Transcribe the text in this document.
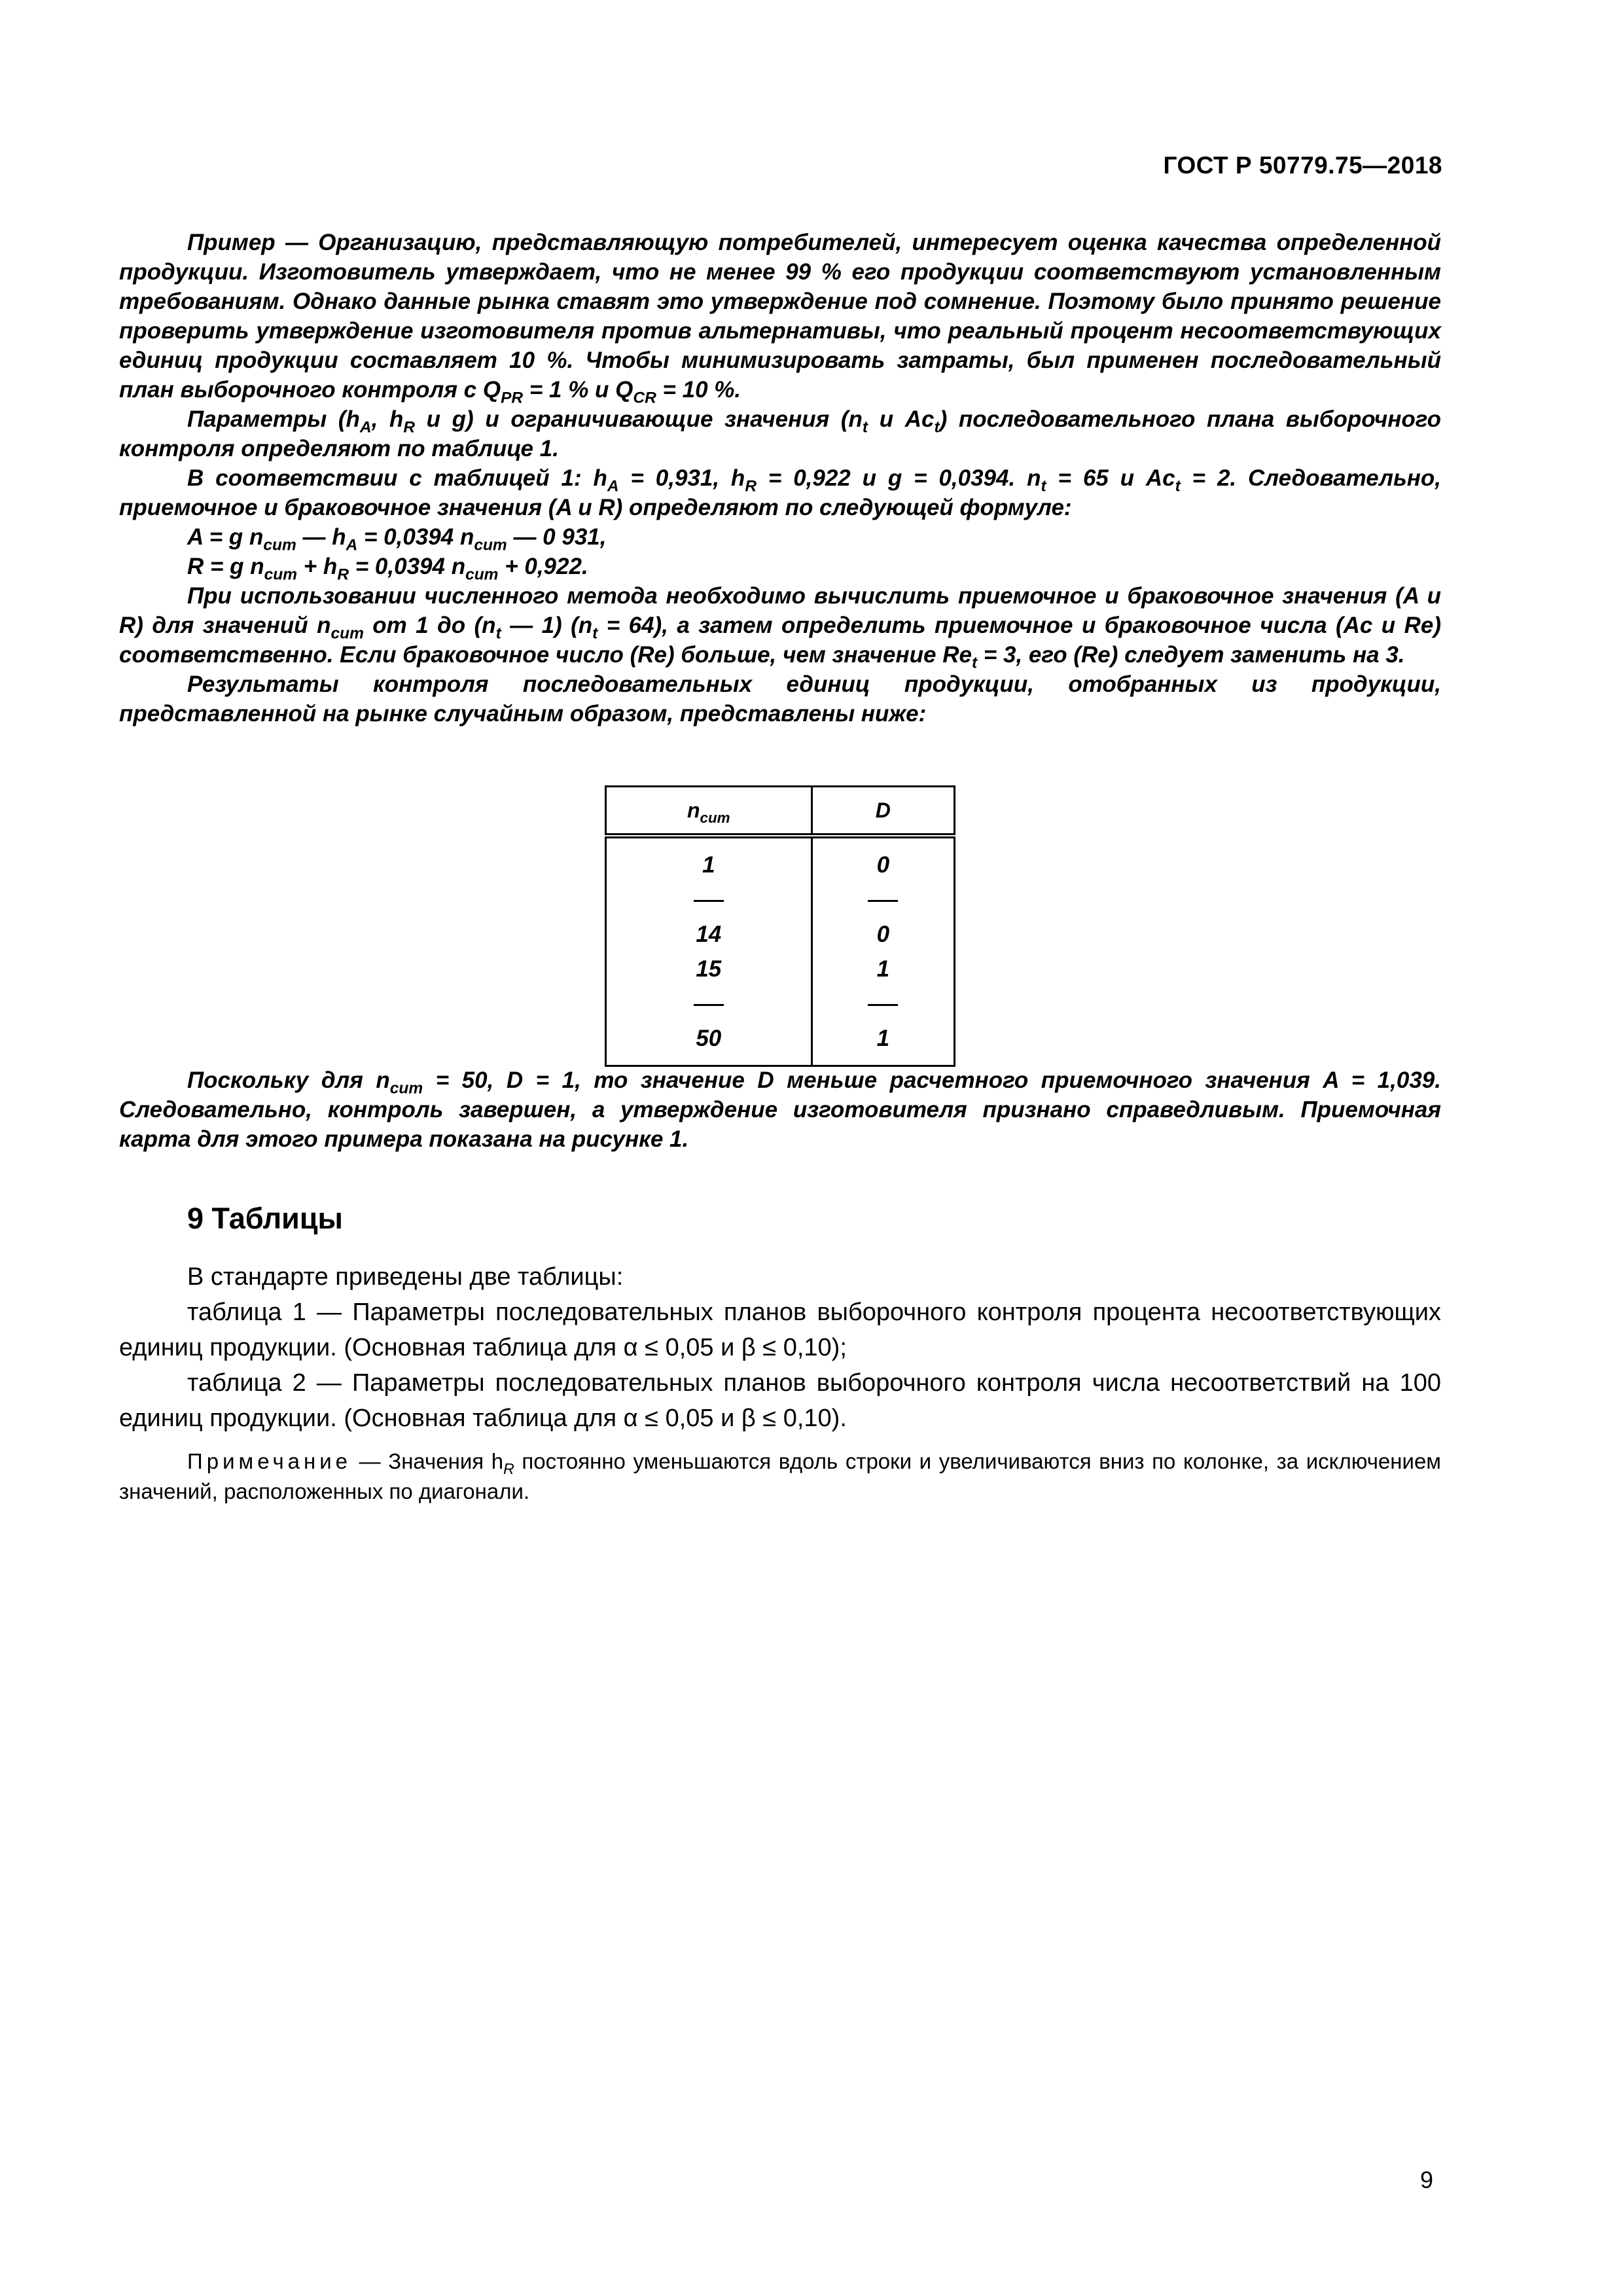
ГОСТ Р 50779.75—2018

Пример — Организацию, представляющую потребителей, интересует оценка качества определенной продукции. Изготовитель утверждает, что не менее 99 % его продукции соответствуют установленным требованиям. Однако данные рынка ставят это утверждение под сомнение. Поэтому было принято решение проверить утверждение изготовителя против альтернативы, что реальный процент несоответствующих единиц продукции составляет 10 %. Чтобы минимизировать затраты, был применен последовательный план выборочного контроля с $Q_{PR} = 1$ % и $Q_{CR} = 10$ %.

Параметры ($h_A$, $h_R$ и g) и ограничивающие значения ($n_t$ и $Ac_t$) последовательного плана выборочного контроля определяют по таблице 1.

В соответствии с таблицей 1: $h_A = 0,931$, $h_R = 0,922$ и g = 0,0394. $n_t = 65$ и $Ac_t = 2$. Следовательно, приемочное и браковочное значения (A и R) определяют по следующей формуле:

A = g $n_{cum}$ — $h_A = 0,0394$ $n_{cum}$ — 0 931,

R = g $n_{cum} + h_R = 0,0394$ $n_{cum} + 0,922$.

При использовании численного метода необходимо вычислить приемочное и браковочное значения (A и R) для значений $n_{cum}$ от 1 до ($n_t$ — 1) $(n_t = 64)$, а затем определить приемочное и браковочное числа (Ac и Re) соответственно. Если браковочное число (Re) больше, чем значение $Re_t = 3$, его (Re) следует заменить на 3.

Результаты контроля последовательных единиц продукции, отобранных из продукции, представленной на рынке случайным образом, представлены ниже:

$n_{cum}$	D
1	0

14	0
15	1

50	1

Поскольку для $n_{cum} = 50$, D = 1, то значение D меньше расчетного приемочного значения A = 1,039. Следовательно, контроль завершен, а утверждение изготовителя признано справедливым. Приемочная карта для этого примера показана на рисунке 1.

9 Таблицы

В стандарте приведены две таблицы:

таблица 1 — Параметры последовательных планов выборочного контроля процента несоответствующих единиц продукции. (Основная таблица для α ≤ 0,05 и β ≤ 0,10);

таблица 2 — Параметры последовательных планов выборочного контроля числа несоответствий на 100 единиц продукции. (Основная таблица для α ≤ 0,05 и β ≤ 0,10).

Примечание — Значения $h_R$ постоянно уменьшаются вдоль строки и увеличиваются вниз по колонке, за исключением значений, расположенных по диагонали.

9
